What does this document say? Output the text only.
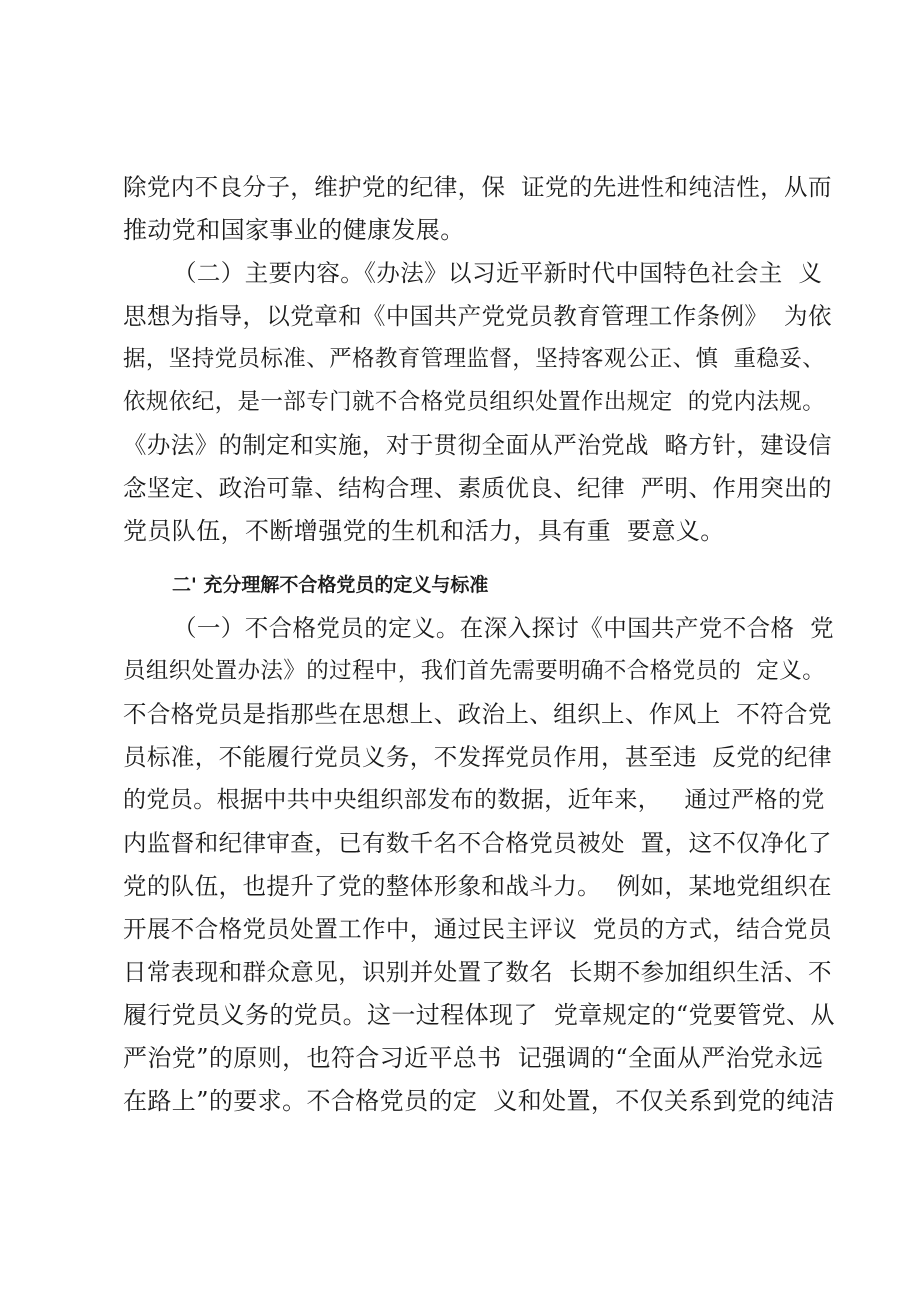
除党内不良分子，维护党的纪律，保  证党的先进性和纯洁性，从而
推动党和国家事业的健康发展。
（二）主要内容。《办法》以习近平新时代中国特色社会主  义
思想为指导，以党章和《中国共产党党员教育管理工作条例》  为依
据，坚持党员标准、严格教育管理监督，坚持客观公正、慎  重稳妥、
依规依纪，是一部专门就不合格党员组织处置作出规定  的党内法规。
《办法》的制定和实施，对于贯彻全面从严治党战  略方针，建设信
念坚定、政治可靠、结构合理、素质优良、纪律  严明、作用突出的
党员队伍，不断增强党的生机和活力，具有重  要意义。
二' 充分理解不合格党员的定义与标准
（一）不合格党员的定义。在深入探讨《中国共产党不合格  党
员组织处置办法》的过程中，我们首先需要明确不合格党员的  定义。
不合格党员是指那些在思想上、政治上、组织上、作风上  不符合党
员标准，不能履行党员义务，不发挥党员作用，甚至违  反党的纪律
的党员。根据中共中央组织部发布的数据，近年来，   通过严格的党
内监督和纪律审查，已有数千名不合格党员被处  置，这不仅净化了
党的队伍，也提升了党的整体形象和战斗力。  例如，某地党组织在
开展不合格党员处置工作中，通过民主评议  党员的方式，结合党员
日常表现和群众意见，识别并处置了数名  长期不参加组织生活、不
履行党员义务的党员。这一过程体现了  党章规定的“党要管党、从
严治党”的原则，也符合习近平总书  记强调的“全面从严治党永远
在路上”的要求。不合格党员的定  义和处置，不仅关系到党的纯洁
